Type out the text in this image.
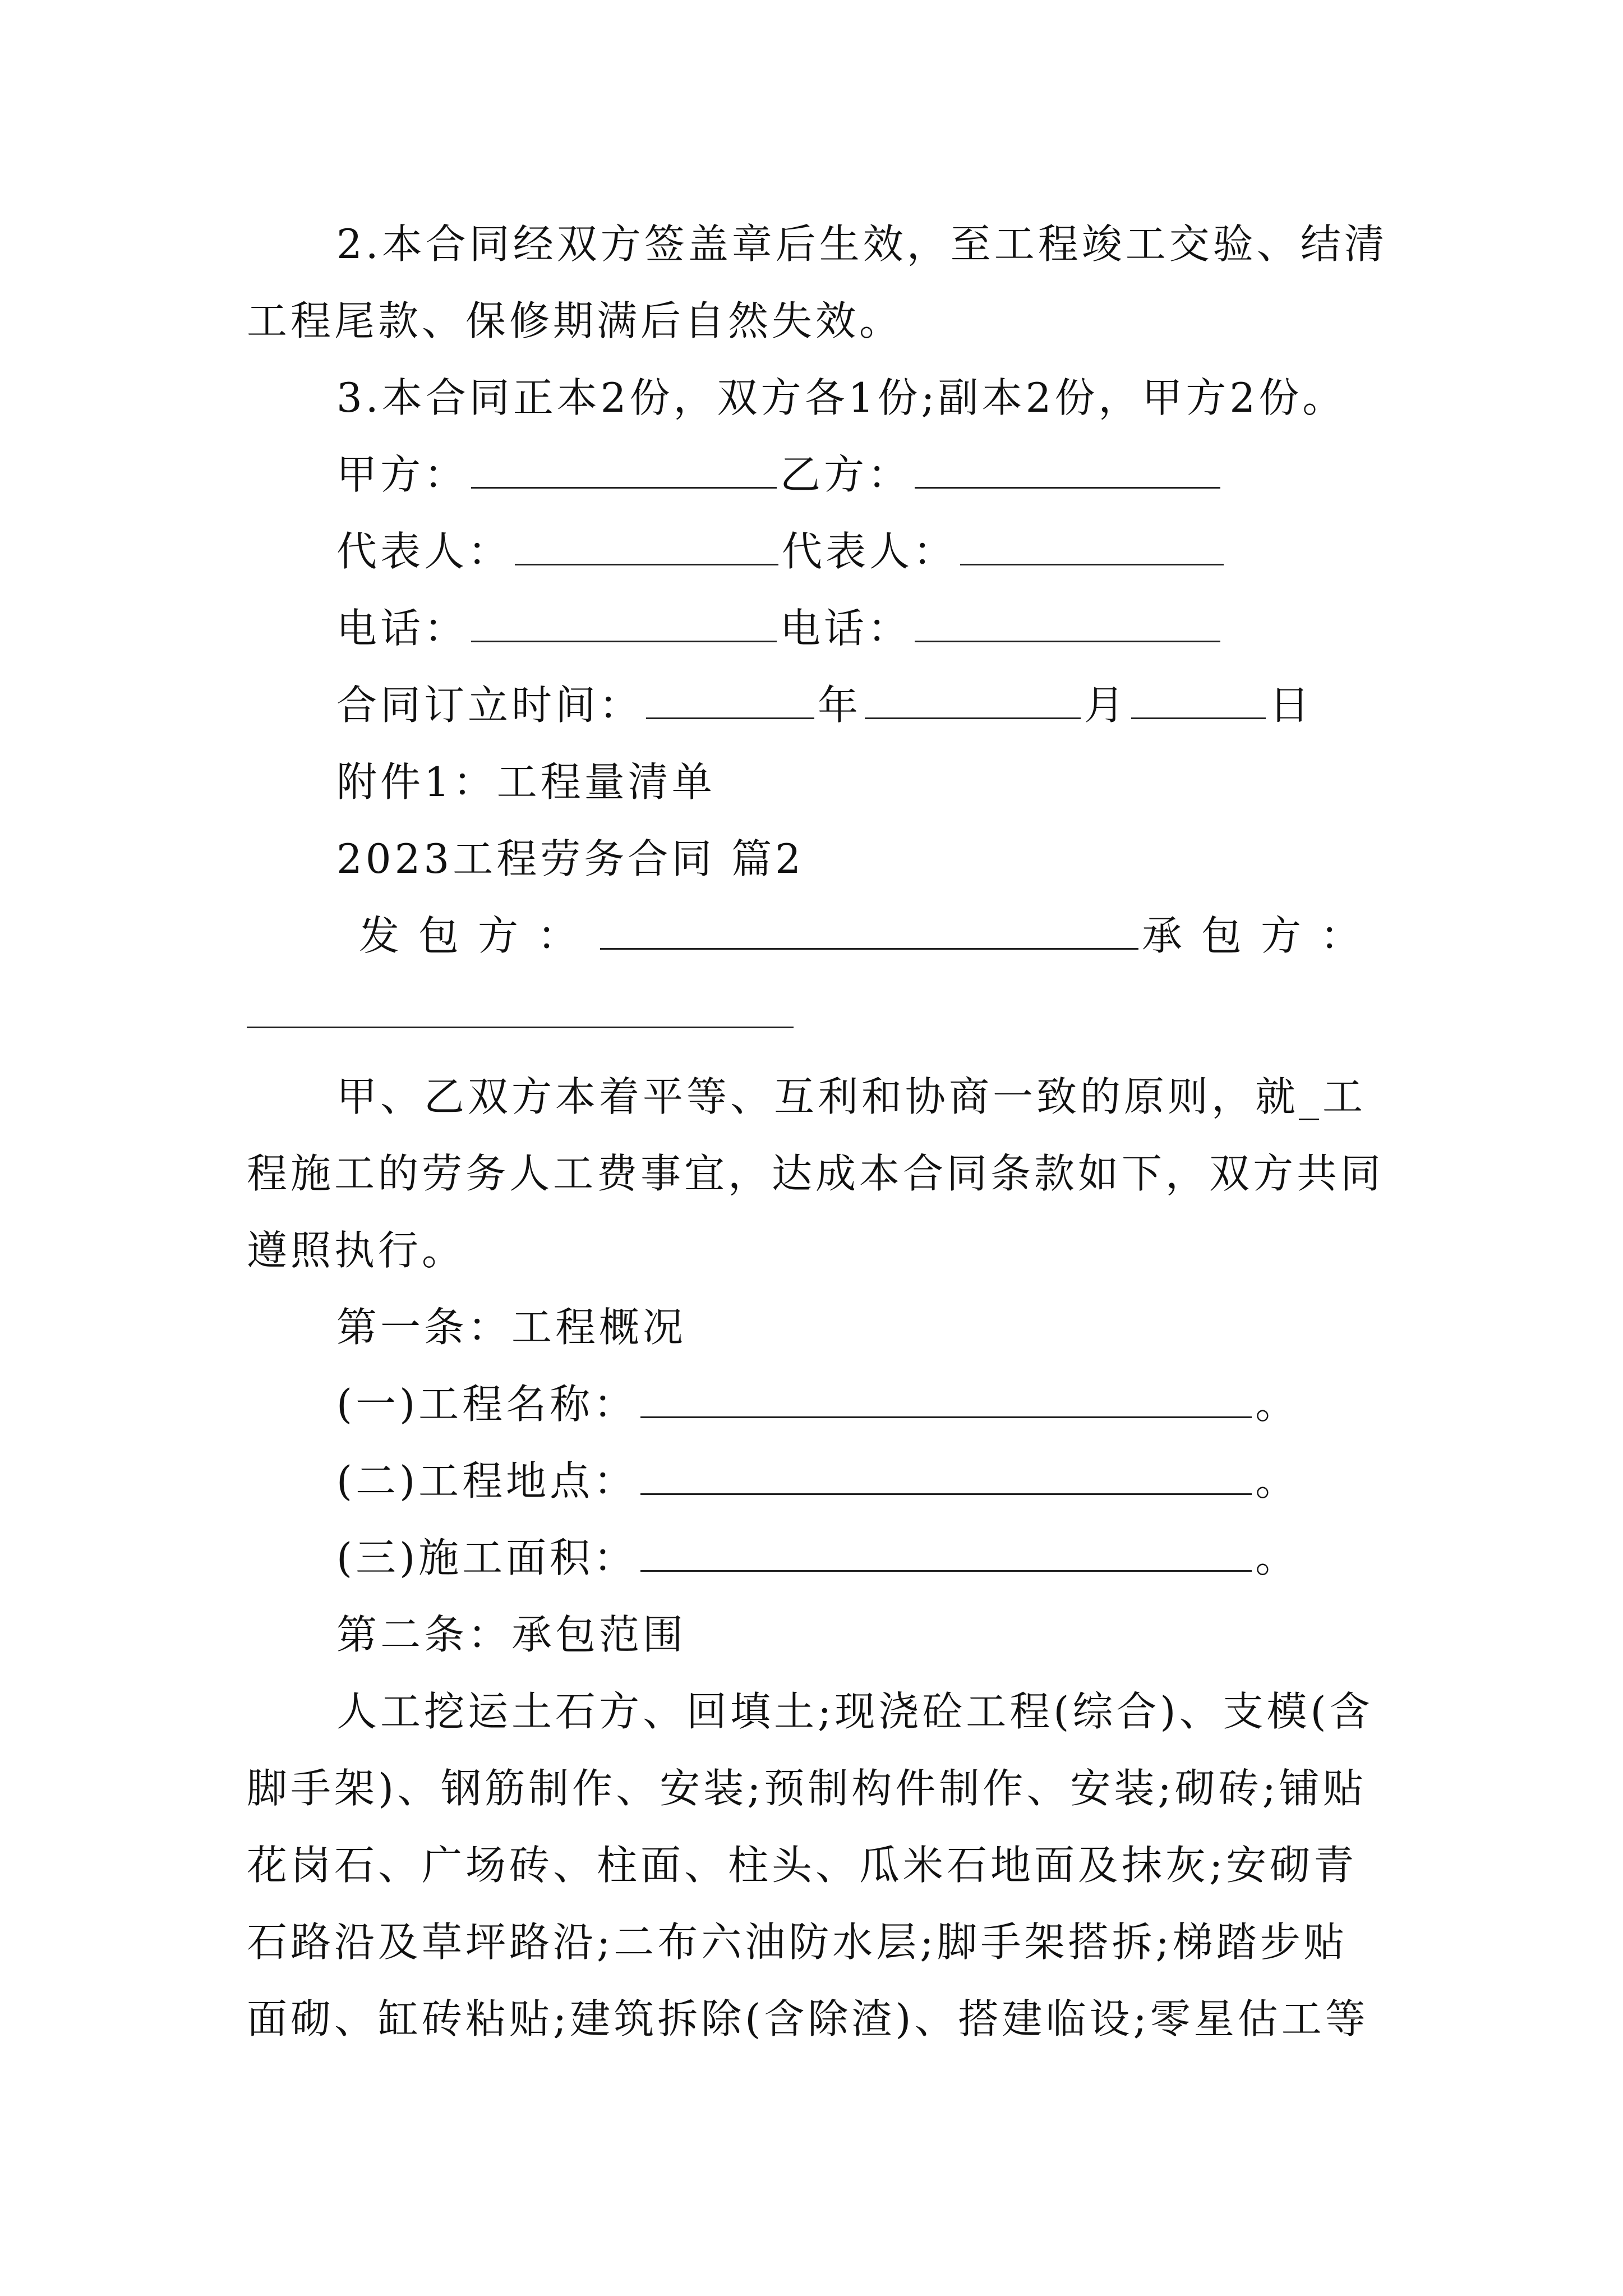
2.本合同经双方签盖章后生效，至工程竣工交验、结清
工程尾款、保修期满后自然失效。
3.本合同正本2份，双方各1份;副本2份，甲方2份。
甲方：	乙方：
代表人：	代表人：
电话：	电话：
合同订立时间：	年	月	日
附件1：工程量清单
2023工程劳务合同 篇2
发包方：	承包方：
甲、乙双方本着平等、互利和协商一致的原则，就_工
程施工的劳务人工费事宜，达成本合同条款如下，双方共同
遵照执行。
第一条：工程概况
(一)工程名称：	。
(二)工程地点：	。
(三)施工面积：	。
第二条：承包范围
人工挖运土石方、回填土;现浇砼工程(综合)、支模(含
脚手架)、钢筋制作、安装;预制构件制作、安装;砌砖;铺贴
花岗石、广场砖、柱面、柱头、瓜米石地面及抹灰;安砌青
石路沿及草坪路沿;二布六油防水层;脚手架搭拆;梯踏步贴
面砌、缸砖粘贴;建筑拆除(含除渣)、搭建临设;零星估工等
